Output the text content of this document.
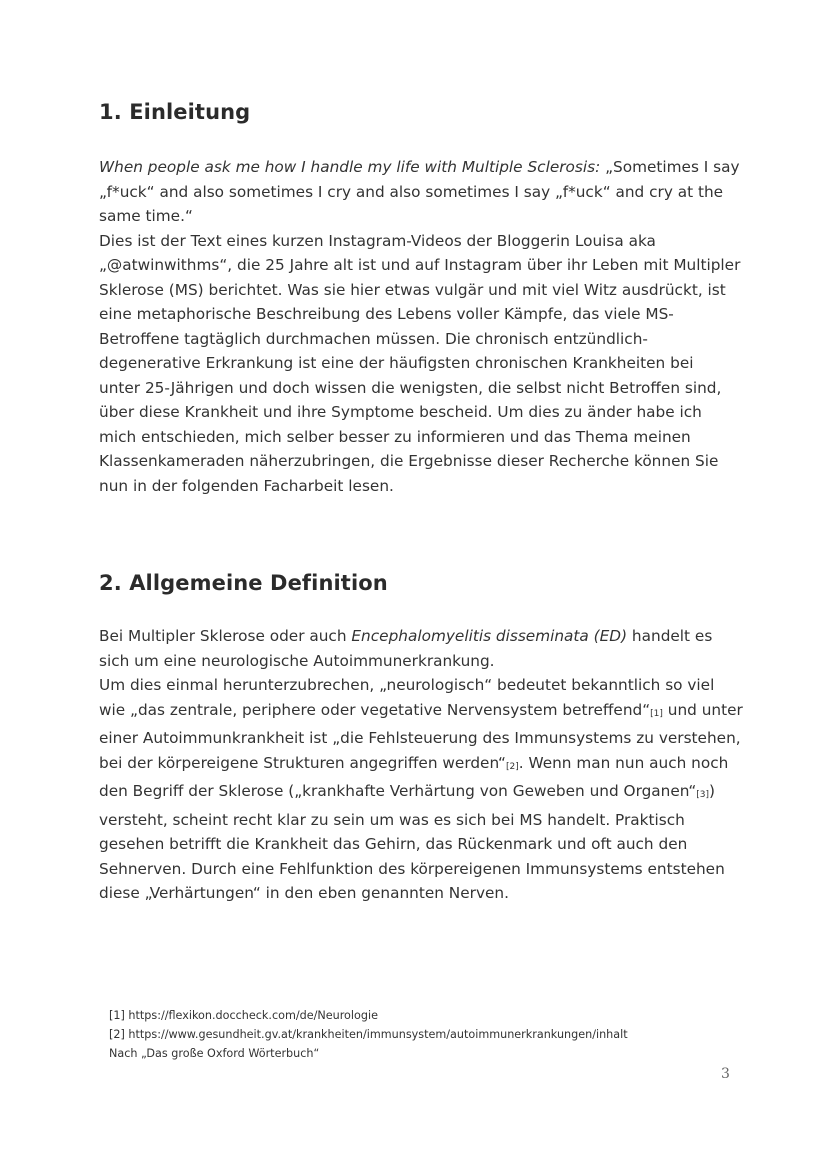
1. Einleitung
When people ask me how I handle my life with Multiple Sclerosis: „Sometimes I say
„f*uck“ and also sometimes I cry and also sometimes I say „f*uck“ and cry at the
same time.“
Dies ist der Text eines kurzen Instagram-Videos der Bloggerin Louisa aka
„@atwinwithms“, die 25 Jahre alt ist und auf Instagram über ihr Leben mit Multipler
Sklerose (MS) berichtet. Was sie hier etwas vulgär und mit viel Witz ausdrückt, ist
eine metaphorische Beschreibung des Lebens voller Kämpfe, das viele MS-
Betroffene tagtäglich durchmachen müssen. Die chronisch entzündlich-
degenerative Erkrankung ist eine der häufigsten chronischen Krankheiten bei
unter 25-Jährigen und doch wissen die wenigsten, die selbst nicht Betroffen sind,
über diese Krankheit und ihre Symptome bescheid. Um dies zu änder habe ich
mich entschieden, mich selber besser zu informieren und das Thema meinen
Klassenkameraden näherzubringen, die Ergebnisse dieser Recherche können Sie
nun in der folgenden Facharbeit lesen.
2. Allgemeine Definition
Bei Multipler Sklerose oder auch Encephalomyelitis disseminata (ED) handelt es
sich um eine neurologische Autoimmunerkrankung.
Um dies einmal herunterzubrechen, „neurologisch“ bedeutet bekanntlich so viel
wie „das zentrale, periphere oder vegetative Nervensystem $betreffend“_{[1]}$ und unter
einer Autoimmunkrankheit ist „die Fehlsteuerung des Immunsystems zu verstehen,
bei der körpereigene Strukturen angegriffen $werden“_{[2]}$. Wenn man nun auch noch
den Begriff der Sklerose („krankhafte Verhärtung von Geweben und $Organen“_{[3]}$)
versteht, scheint recht klar zu sein um was es sich bei MS handelt. Praktisch
gesehen betrifft die Krankheit das Gehirn, das Rückenmark und oft auch den
Sehnerven. Durch eine Fehlfunktion des körpereigenen Immunsystems entstehen
diese „Verhärtungen“ in den eben genannten Nerven.
[1] https://flexikon.doccheck.com/de/Neurologie
[2] https://www.gesundheit.gv.at/krankheiten/immunsystem/autoimmunerkrankungen/inhalt
Nach „Das große Oxford Wörterbuch“
3
